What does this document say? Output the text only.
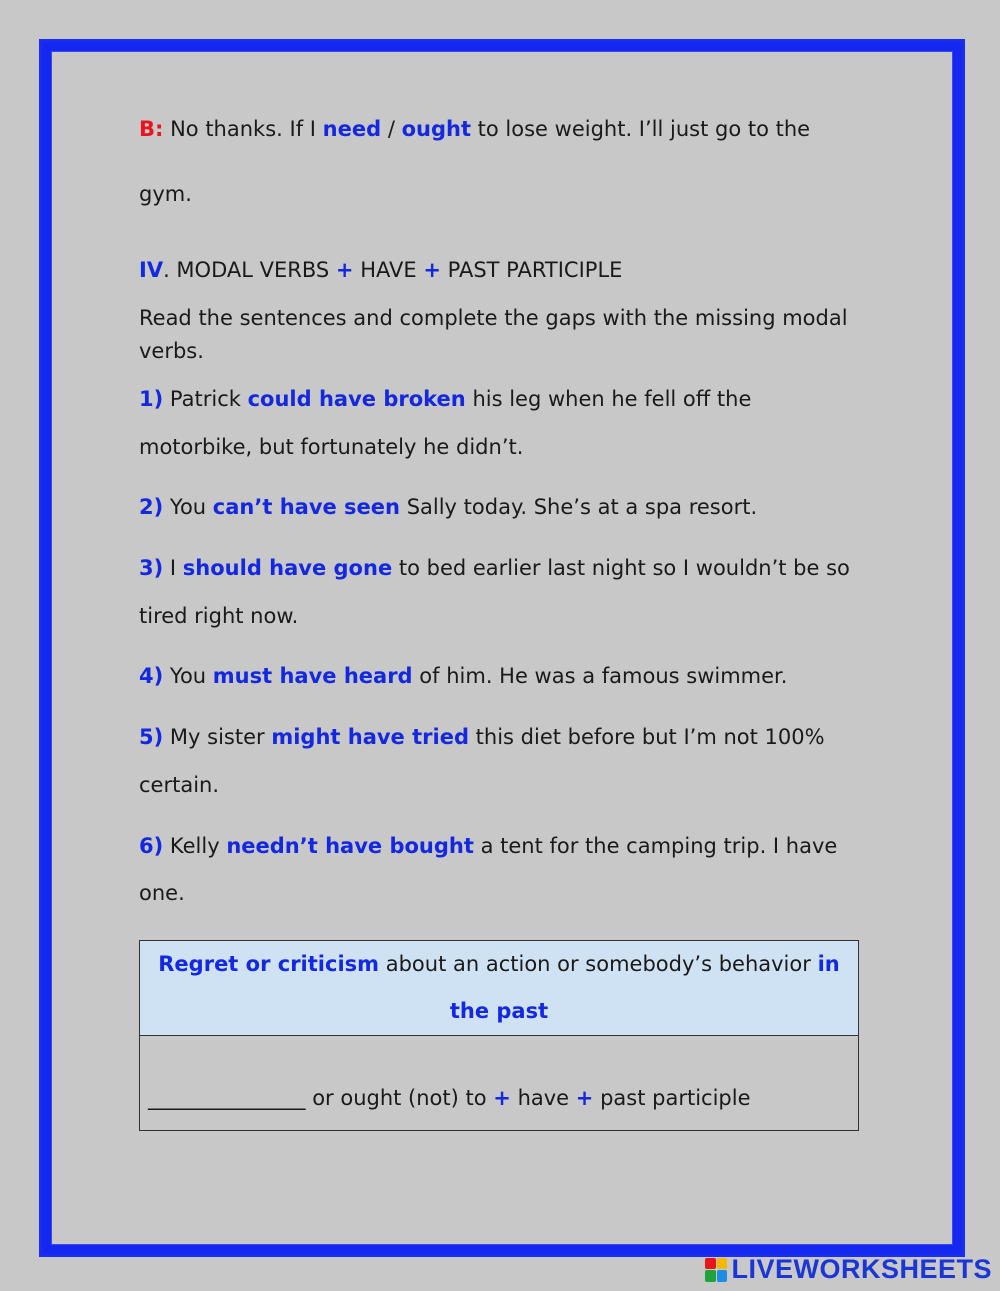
B: No thanks. If I need / ought to lose weight. I’ll just go to the
gym.
IV. MODAL VERBS + HAVE + PAST PARTICIPLE
Read the sentences and complete the gaps with the missing modal
verbs.
1) Patrick could have broken his leg when he fell off the
motorbike, but fortunately he didn’t.
2) You can’t have seen Sally today. She’s at a spa resort.
3) I should have gone to bed earlier last night so I wouldn’t be so
tired right now.
4) You must have heard of him. He was a famous swimmer.
5) My sister might have tried this diet before but I’m not 100%
certain.
6) Kelly needn’t have bought a tent for the camping trip. I have
one.
Regret or criticism about an action or somebody’s behavior in
the past

_______________ or ought (not) to + have + past participle
LIVEWORKSHEETS
